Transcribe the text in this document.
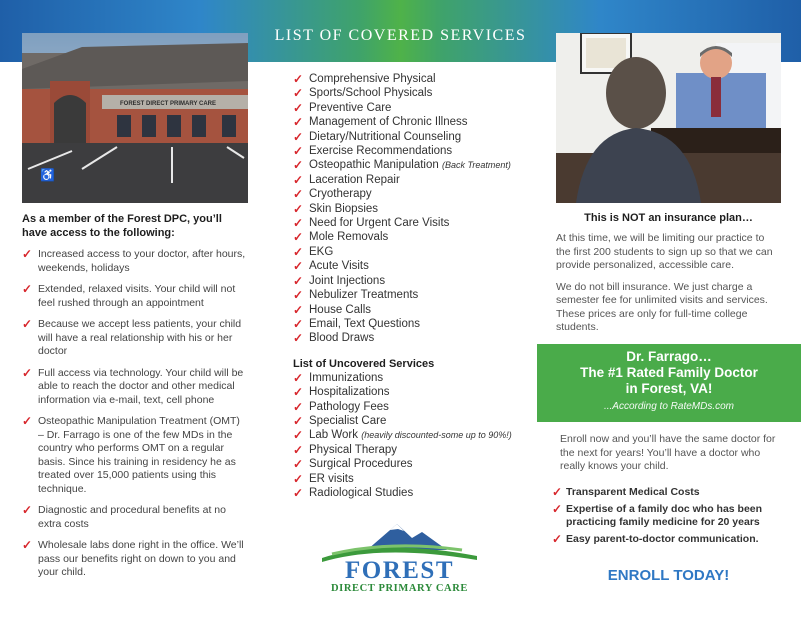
LIST OF COVERED SERVICES
FOREST DIRECT PRIMARY CARE
♿

As a member of the Forest DPC, you’ll have access to the following:

✓ Increased access to your doctor, after hours, weekends, holidays
✓ Extended, relaxed visits. Your child will not feel rushed through an appointment
✓ Because we accept less patients, your child will have a real relationship with his or her doctor
✓ Full access via technology. Your child will be able to reach the doctor and other medical information via e-mail, text, cell phone
✓ Osteopathic Manipulation Treatment (OMT) – Dr. Farrago is one of the few MDs in the country who performs OMT on a regular basis. Since his training in residency he as treated over 15,000 patients using this technique.
✓ Diagnostic and procedural benefits at no extra costs
✓ Wholesale labs done right in the office. We’ll pass our benefits right on down to you and your child.
✓ Comprehensive Physical
✓ Sports/School Physicals
✓ Preventive Care
✓ Management of Chronic Illness
✓ Dietary/Nutritional Counseling
✓ Exercise Recommendations
✓ Osteopathic Manipulation (Back Treatment)
✓ Laceration Repair
✓ Cryotherapy
✓ Skin Biopsies
✓ Need for Urgent Care Visits
✓ Mole Removals
✓ EKG
✓ Acute Visits
✓ Joint Injections
✓ Nebulizer Treatments
✓ House Calls
✓ Email, Text Questions
✓ Blood Draws

List of Uncovered Services

✓ Immunizations
✓ Hospitalizations
✓ Pathology Fees
✓ Specialist Care
✓ Lab Work (heavily discounted-some up to 90%!)
✓ Physical Therapy
✓ Surgical Procedures
✓ ER visits
✓ Radiological Studies
FOREST
DIRECT PRIMARY CARE

This is NOT an insurance plan…

At this time, we will be limiting our practice to the first 200 students to sign up so that we can provide personalized, accessible care.

We do not bill insurance. We just charge a semester fee for unlimited visits and services. These prices are only for full-time college students.

Dr. Farrago…
The #1 Rated Family Doctor
in Forest, VA!
...According to RateMDs.com

Enroll now and you’ll have the same doctor for the next for years! You’ll have a doctor who really knows your child.

✓ Transparent Medical Costs
✓ Expertise of a family doc who has been practicing family medicine for 20 years
✓ Easy parent-to-doctor communication.
ENROLL TODAY!
